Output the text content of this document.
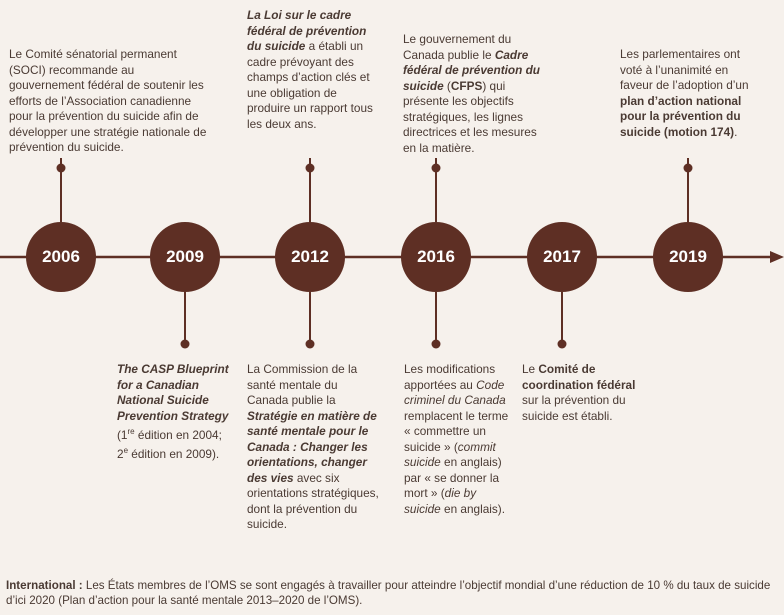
2006	2009	2012	2016	2017	2019
Le Comité sénatorial permanent (SOCI) recommande au gouvernement fédéral de soutenir les efforts de l’Association canadienne pour la prévention du suicide afin de développer une stratégie nationale de prévention du suicide.
The CASP Blueprint for a Canadian National Suicide Prevention Strategy
(1re édition en 2004; 2e édition en 2009).
La Loi sur le cadre fédéral de prévention du suicide a établi un cadre prévoyant des champs d’action clés et une obligation de produire un rapport tous les deux ans.
La Commission de la santé mentale du Canada publie la Stratégie en matière de santé mentale pour le Canada : Changer les orientations, changer des vies avec six orientations stratégiques, dont la prévention du suicide.
Le gouvernement du Canada publie le Cadre fédéral de prévention du suicide (CFPS) qui présente les objectifs stratégiques, les lignes directrices et les mesures en la matière.
Les modifications apportées au Code criminel du Canada remplacent le terme « commettre un suicide » (commit suicide en anglais) par « se donner la mort » (die by suicide en anglais).
Le Comité de coordination fédéral sur la prévention du suicide est établi.
Les parlementaires ont voté à l’unanimité en faveur de l’adoption d’un plan d’action national pour la prévention du suicide (motion 174).
International : Les États membres de l’OMS se sont engagés à travailler pour atteindre l’objectif mondial d’une réduction de 10 % du taux de suicide d’ici 2020 (Plan d’action pour la santé mentale 2013–2020 de l’OMS).
